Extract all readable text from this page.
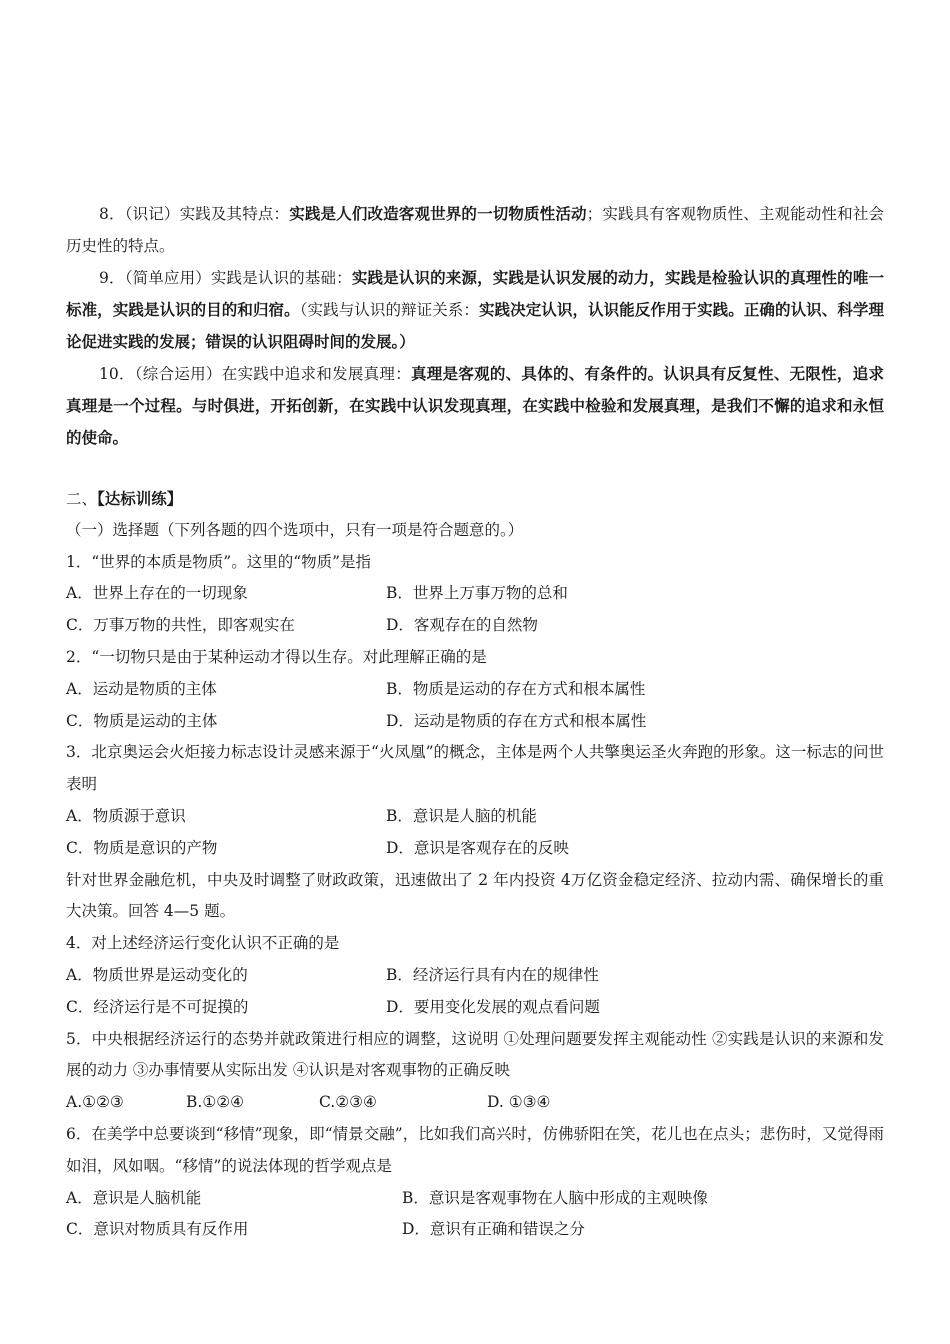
8．（识记）实践及其特点：实践是人们改造客观世界的一切物质性活动；实践具有客观物质性、主观能动性和社会历史性的特点。

9．（简单应用）实践是认识的基础：实践是认识的来源，实践是认识发展的动力，实践是检验认识的真理性的唯一标准，实践是认识的目的和归宿。（实践与认识的辩证关系：实践决定认识，认识能反作用于实践。正确的认识、科学理论促进实践的发展；错误的认识阻碍时间的发展。）

10．（综合运用）在实践中追求和发展真理：真理是客观的、具体的、有条件的。认识具有反复性、无限性，追求真理是一个过程。与时俱进，开拓创新，在实践中认识发现真理，在实践中检验和发展真理，是我们不懈的追求和永恒的使命。

二、【达标训练】

（一）选择题（下列各题的四个选项中，只有一项是符合题意的。）

1．“世界的本质是物质”。这里的“物质”是指

A．世界上存在的一切现象	B．世界上万事万物的总和
C．万事万物的共性，即客观实在	D．客观存在的自然物

2．“一切物只是由于某种运动才得以生存。对此理解正确的是

A．运动是物质的主体	B．物质是运动的存在方式和根本属性
C．物质是运动的主体	D．运动是物质的存在方式和根本属性

3．北京奥运会火炬接力标志设计灵感来源于“火凤凰”的概念，主体是两个人共擎奥运圣火奔跑的形象。这一标志的问世表明

A．物质源于意识	B．意识是人脑的机能
C．物质是意识的产物	D．意识是客观存在的反映

针对世界金融危机，中央及时调整了财政政策，迅速做出了 2 年内投资 4万亿资金稳定经济、拉动内需、确保增长的重大决策。回答 4—5 题。

4．对上述经济运行变化认识不正确的是

A．物质世界是运动变化的	B．经济运行具有内在的规律性
C．经济运行是不可捉摸的	D．要用变化发展的观点看问题

5．中央根据经济运行的态势并就政策进行相应的调整，这说明 ①处理问题要发挥主观能动性 ②实践是认识的来源和发展的动力 ③办事情要从实际出发 ④认识是对客观事物的正确反映

A.①②③	B.①②④	C.②③④	D. ①③④

6．在美学中总要谈到“移情”现象，即“情景交融”，比如我们高兴时，仿佛骄阳在笑，花儿也在点头；悲伤时，又觉得雨如泪，风如咽。“移情”的说法体现的哲学观点是

A．意识是人脑机能	B．意识是客观事物在人脑中形成的主观映像
C．意识对物质具有反作用	D．意识有正确和错误之分
